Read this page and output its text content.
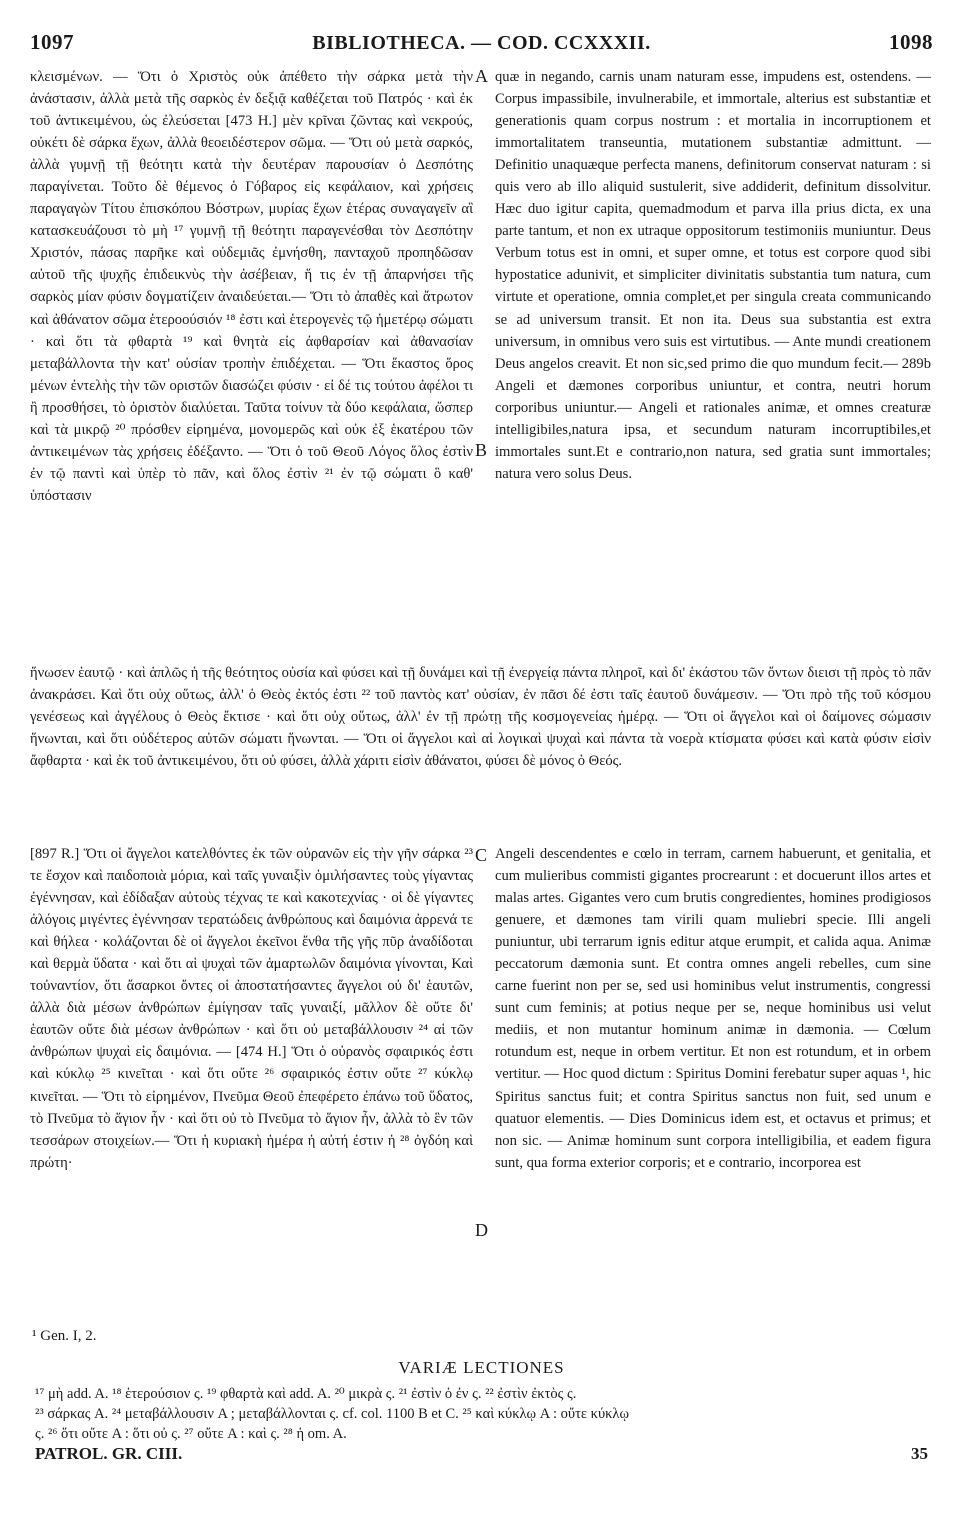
1097	BIBLIOTHECA. — COD. CCXXXII.	1098

κλεισμένων. — Ὅτι ὁ Χριστὸς οὐκ ἀπέθετο τὴν σάρκα μετὰ τὴν ἀνάστασιν, ἀλλὰ μετὰ τῆς σαρκὸς ἐν δεξιᾷ καθέζεται τοῦ Πατρός · καὶ ἐκ τοῦ ἀντικειμένου, ὡς ἐλεύσεται [473 H.] μὲν κρῖναι ζῶντας καὶ νεκρούς, οὐκέτι δὲ σάρκα ἔχων, ἀλλὰ θεοειδέστερον σῶμα. — Ὅτι οὐ μετὰ σαρκός, ἀλλὰ γυμνῇ τῇ θεότητι κατὰ τὴν δευτέραν παρουσίαν ὁ Δεσπότης παραγίνεται. Τοῦτο δὲ θέμενος ὁ Γόβαρος εἰς κεφάλαιον, καὶ χρήσεις παραγαγὼν Τίτου ἐπισκόπου Βόστρων, μυρίας ἔχων ἑτέρας συναγαγεῖν αἳ κατασκευάζουσι τὸ μὴ ¹⁷ γυμνῇ τῇ θεότητι παραγενέσθαι τὸν Δεσπότην Χριστόν, πάσας παρῆκε καὶ οὐδεμιᾶς ἐμνήσθη, πανταχοῦ προπηδῶσαν αὐτοῦ τῆς ψυχῆς ἐπιδεικνὺς τὴν ἀσέβειαν, ἥ τις ἐν τῇ ἀπαρνήσει τῆς σαρκὸς μίαν φύσιν δογματίζειν ἀναιδεύεται.— Ὅτι τὸ ἀπαθὲς καὶ ἄτρωτον καὶ ἀθάνατον σῶμα ἑτεροούσιόν ¹⁸ ἐστι καὶ ἑτερογενὲς τῷ ἡμετέρῳ σώματι · καὶ ὅτι τὰ φθαρτὰ ¹⁹ καὶ θνητὰ εἰς ἀφθαρσίαν καὶ ἀθανασίαν μεταβάλλοντα τὴν κατ' οὐσίαν τροπὴν ἐπιδέχεται. — Ὅτι ἕκαστος ὅρος μένων ἐντελὴς τὴν τῶν οριστῶν διασώζει φύσιν · εἰ δέ τις τούτου ἀφέλοι τι ἢ προσθήσει, τὸ ὁριστὸν διαλύεται. Ταῦτα τοίνυν τὰ δύο κεφάλαια, ὥσπερ καὶ τὰ μικρῷ ²⁰ πρόσθεν εἰρημένα, μονομερῶς καὶ οὐκ ἐξ ἑκατέρου τῶν ἀντικειμένων τὰς χρήσεις ἐδέξαντο. — Ὅτι ὁ τοῦ Θεοῦ Λόγος ὅλος ἐστὶν ἐν τῷ παντὶ καὶ ὑπὲρ τὸ πᾶν, καὶ ὅλος ἐστὶν ²¹ ἐν τῷ σώματι ὃ καθ' ὑπόστασιν

quæ in negando, carnis unam naturam esse, impudens est, ostendens. — Corpus impassibile, invulnerabile, et immortale, alterius est substantiæ et generationis quam corpus nostrum : et mortalia in incorruptionem et immortalitatem transeuntia, mutationem substantiæ admittunt. — Definitio unaquæque perfecta manens, definitorum conservat naturam : si quis vero ab illo aliquid sustulerit, sive addiderit, definitum dissolvitur. Hæc duo igitur capita, quemadmodum et parva illa prius dicta, ex una parte tantum, et non ex utraque oppositorum testimoniis muniuntur. Deus Verbum totus est in omni, et super omne, et totus est corpore quod sibi hypostatice adunivit, et simpliciter divinitatis substantia tum natura, cum virtute et operatione, omnia complet,et per singula creata communicando se ad universum transit. Et non ita. Deus sua substantia est extra universum, in omnibus vero suis est virtutibus. — Ante mundi creationem Deus angelos creavit. Et non sic,sed primo die quo mundum fecit.— 289b Angeli et dæmones corporibus uniuntur, et contra, neutri horum corporibus uniuntur.— Angeli et rationales animæ, et omnes creaturæ intelligibiles,natura ipsa, et secundum naturam incorruptibiles,et immortales sunt.Et e contrario,non natura, sed gratia sunt immortales; natura vero solus Deus.

A
B
C
D

ἥνωσεν ἑαυτῷ · καὶ ἁπλῶς ἡ τῆς θεότητος οὐσία καὶ φύσει καὶ τῇ δυνάμει καὶ τῇ ἐνεργείᾳ πάντα πληροῖ, καὶ δι' ἑκάστου τῶν ὄντων διεισι τῇ πρὸς τὸ πᾶν ἀνακράσει. Καὶ ὅτι οὐχ οὕτως, ἀλλ' ὁ Θεὸς ἐκτός ἐστι ²² τοῦ παντὸς κατ' οὐσίαν, ἐν πᾶσι δέ ἐστι ταῖς ἑαυτοῦ δυνάμεσιν. — Ὅτι πρὸ τῆς τοῦ κόσμου γενέσεως καὶ ἀγγέλους ὁ Θεὸς ἔκτισε · καὶ ὅτι οὐχ οὕτως, ἀλλ' ἐν τῇ πρώτῃ τῆς κοσμογενείας ἡμέρᾳ. — Ὅτι οἱ ἄγγελοι καὶ οἱ δαίμονες σώμασιν ἥνωνται, καὶ ὅτι οὐδέτερος αὐτῶν σώματι ἥνωνται. — Ὅτι οἱ ἄγγελοι καὶ αἱ λογικαὶ ψυχαὶ καὶ πάντα τὰ νοερὰ κτίσματα φύσει καὶ κατὰ φύσιν εἰσὶν ἄφθαρτα · καὶ ἐκ τοῦ ἀντικειμένου, ὅτι οὐ φύσει, ἀλλὰ χάριτι εἰσὶν ἀθάνατοι, φύσει δὲ μόνος ὁ Θεός.

[897 R.] Ὅτι οἱ ἄγγελοι κατελθόντες ἐκ τῶν οὐρανῶν εἰς τὴν γῆν σάρκα ²³ τε ἔσχον καὶ παιδοποιὰ μόρια, καὶ ταῖς γυναιξὶν ὁμιλήσαντες τοὺς γίγαντας ἐγέννησαν, καὶ ἐδίδαξαν αὐτοὺς τέχνας τε καὶ κακοτεχνίας · οἱ δὲ γίγαντες ἀλόγοις μιγέντες ἐγέννησαν τερατώδεις ἀνθρώπους καὶ δαιμόνια ἀρρενά τε καὶ θήλεα · κολάζονται δὲ οἱ ἄγγελοι ἐκεῖνοι ἔνθα τῆς γῆς πῦρ ἀναδίδοται καὶ θερμὰ ὕδατα · καὶ ὅτι αἱ ψυχαὶ τῶν ἁμαρτωλῶν δαιμόνια γίνονται, Καὶ τοὐναντίον, ὅτι ἄσαρκοι ὄντες οἱ ἀποστατήσαντες ἄγγελοι οὐ δι' ἑαυτῶν, ἀλλὰ διὰ μέσων ἀνθρώπων ἐμίγησαν ταῖς γυναιξί, μᾶλλον δὲ οὔτε δι' ἑαυτῶν οὔτε διὰ μέσων ἀνθρώπων · καὶ ὅτι οὐ μεταβάλλουσιν ²⁴ αἱ τῶν ἀνθρώπων ψυχαὶ εἰς δαιμόνια. — [474 H.] Ὅτι ὁ οὐρανὸς σφαιρικός ἐστι καὶ κύκλῳ ²⁵ κινεῖται · καὶ ὅτι οὔτε ²⁶ σφαιρικός ἐστιν οὔτε ²⁷ κύκλῳ κινεῖται. — Ὅτι τὸ εἰρημένον, Πνεῦμα Θεοῦ ἐπεφέρετο ἐπάνω τοῦ ὕδατος, τὸ Πνεῦμα τὸ ἅγιον ἦν · καὶ ὅτι οὐ τὸ Πνεῦμα τὸ ἅγιον ἦν, ἀλλὰ τὸ ἓν τῶν τεσσάρων στοιχείων.— Ὅτι ἡ κυριακὴ ἡμέρα ἡ αὐτή ἐστιν ἡ ²⁸ ὀγδόη καὶ πρώτη·

Angeli descendentes e cœlo in terram, carnem habuerunt, et genitalia, et cum mulieribus commisti gigantes procrearunt : et docuerunt illos artes et malas artes. Gigantes vero cum brutis congredientes, homines prodigiosos genuere, et dæmones tam virili quam muliebri specie. Illi angeli puniuntur, ubi terrarum ignis editur atque erumpit, et calida aqua. Animæ peccatorum dæmonia sunt. Et contra omnes angeli rebelles, cum sine carne fuerint non per se, sed usi hominibus velut instrumentis, congressi sunt cum feminis; at potius neque per se, neque hominibus usi velut mediis, et non mutantur hominum animæ in dæmonia. — Cœlum rotundum est, neque in orbem vertitur. Et non est rotundum, et in orbem vertitur. — Hoc quod dictum : Spiritus Domini ferebatur super aquas ¹, hic Spiritus sanctus fuit; et contra Spiritus sanctus non fuit, sed unum e quatuor elementis. — Dies Dominicus idem est, et octavus et primus; et non sic. — Animæ hominum sunt corpora intelligibilia, et eadem figura sunt, qua forma exterior corporis; et e contrario, incorporea est

¹ Gen. I, 2.
VARIÆ LECTIONES

¹⁷ μὴ add. A. ¹⁸ ἑτερούσιον ς. ¹⁹ φθαρτὰ καὶ add. A. ²⁰ μικρὰ ς. ²¹ ἐστὶν ὁ ἐν ς. ²² ἐστὶν ἐκτὸς ς.

²³ σάρκας A. ²⁴ μεταβάλλουσιν A ; μεταβάλλονται ς. cf. col. 1100 B et C. ²⁵ καὶ κύκλῳ A : οὔτε κύκλῳ

ς. ²⁶ ὅτι οὔτε A : ὅτι οὐ ς. ²⁷ οὔτε A : καὶ ς. ²⁸ ἡ om. A.

PATROL. GR. CIII.	35
